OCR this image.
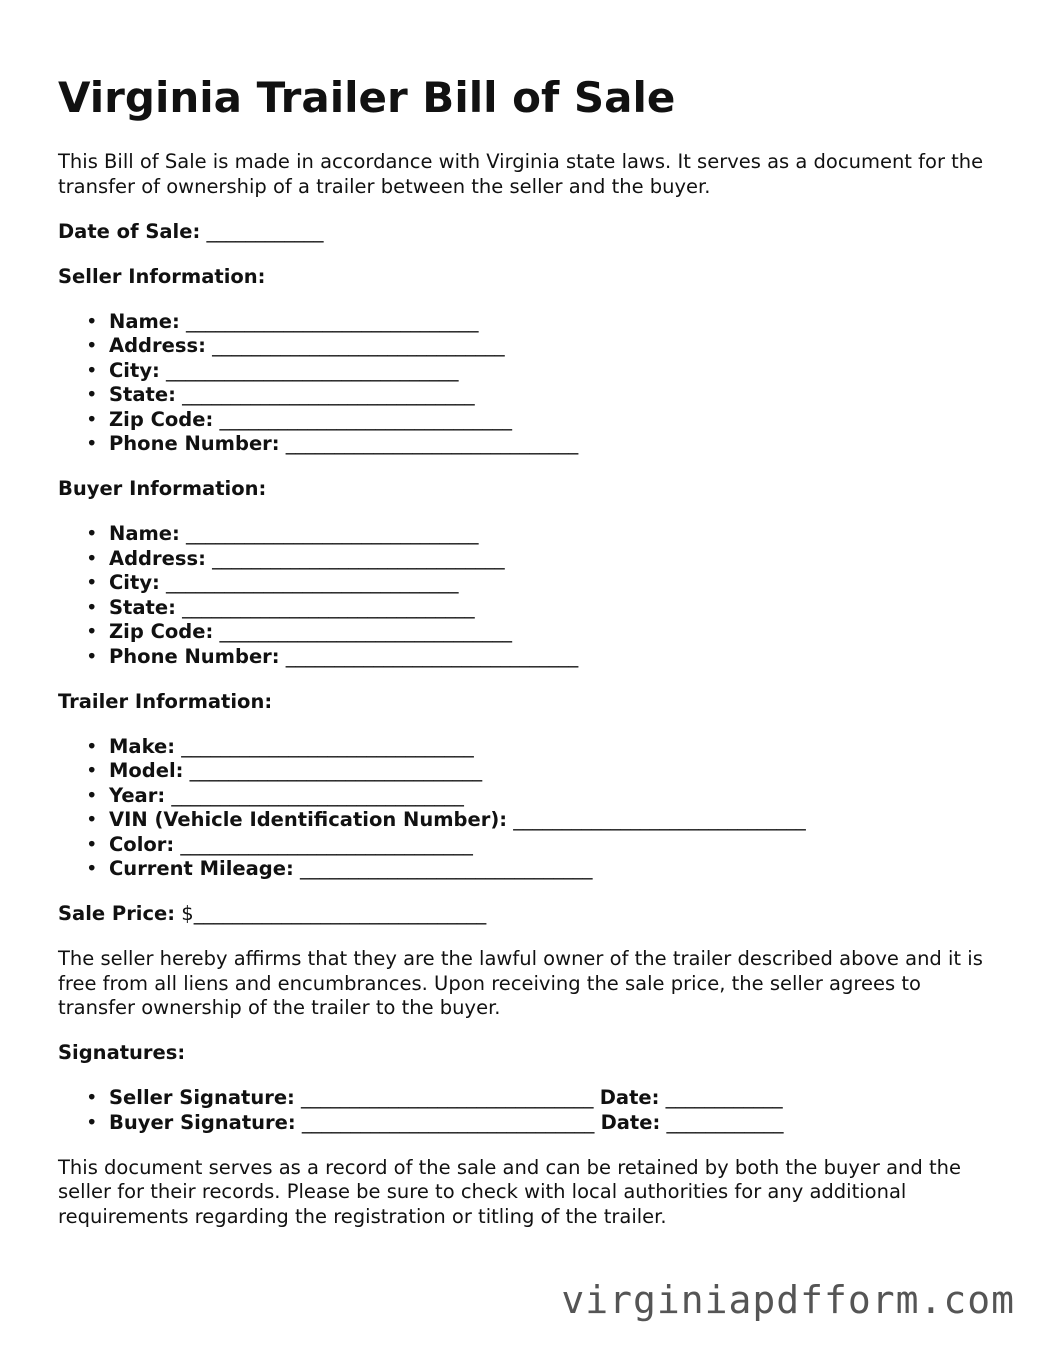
Virginia Trailer Bill of Sale

This Bill of Sale is made in accordance with Virginia state laws. It serves as a document for the transfer of ownership of a trailer between the seller and the buyer.

Date of Sale: ____________

Seller Information:

• Name: ______________________________
• Address: ______________________________
• City: ______________________________
• State: ______________________________
• Zip Code: ______________________________
• Phone Number: ______________________________

Buyer Information:

• Name: ______________________________
• Address: ______________________________
• City: ______________________________
• State: ______________________________
• Zip Code: ______________________________
• Phone Number: ______________________________

Trailer Information:

• Make: ______________________________
• Model: ______________________________
• Year: ______________________________
• VIN (Vehicle Identification Number): ______________________________
• Color: ______________________________
• Current Mileage: ______________________________

Sale Price: $______________________________

The seller hereby affirms that they are the lawful owner of the trailer described above and it is free from all liens and encumbrances. Upon receiving the sale price, the seller agrees to transfer ownership of the trailer to the buyer.

Signatures:

• Seller Signature: ______________________________ Date: ____________
• Buyer Signature: ______________________________ Date: ____________

This document serves as a record of the sale and can be retained by both the buyer and the seller for their records. Please be sure to check with local authorities for any additional requirements regarding the registration or titling of the trailer.

virginiapdfform.com
